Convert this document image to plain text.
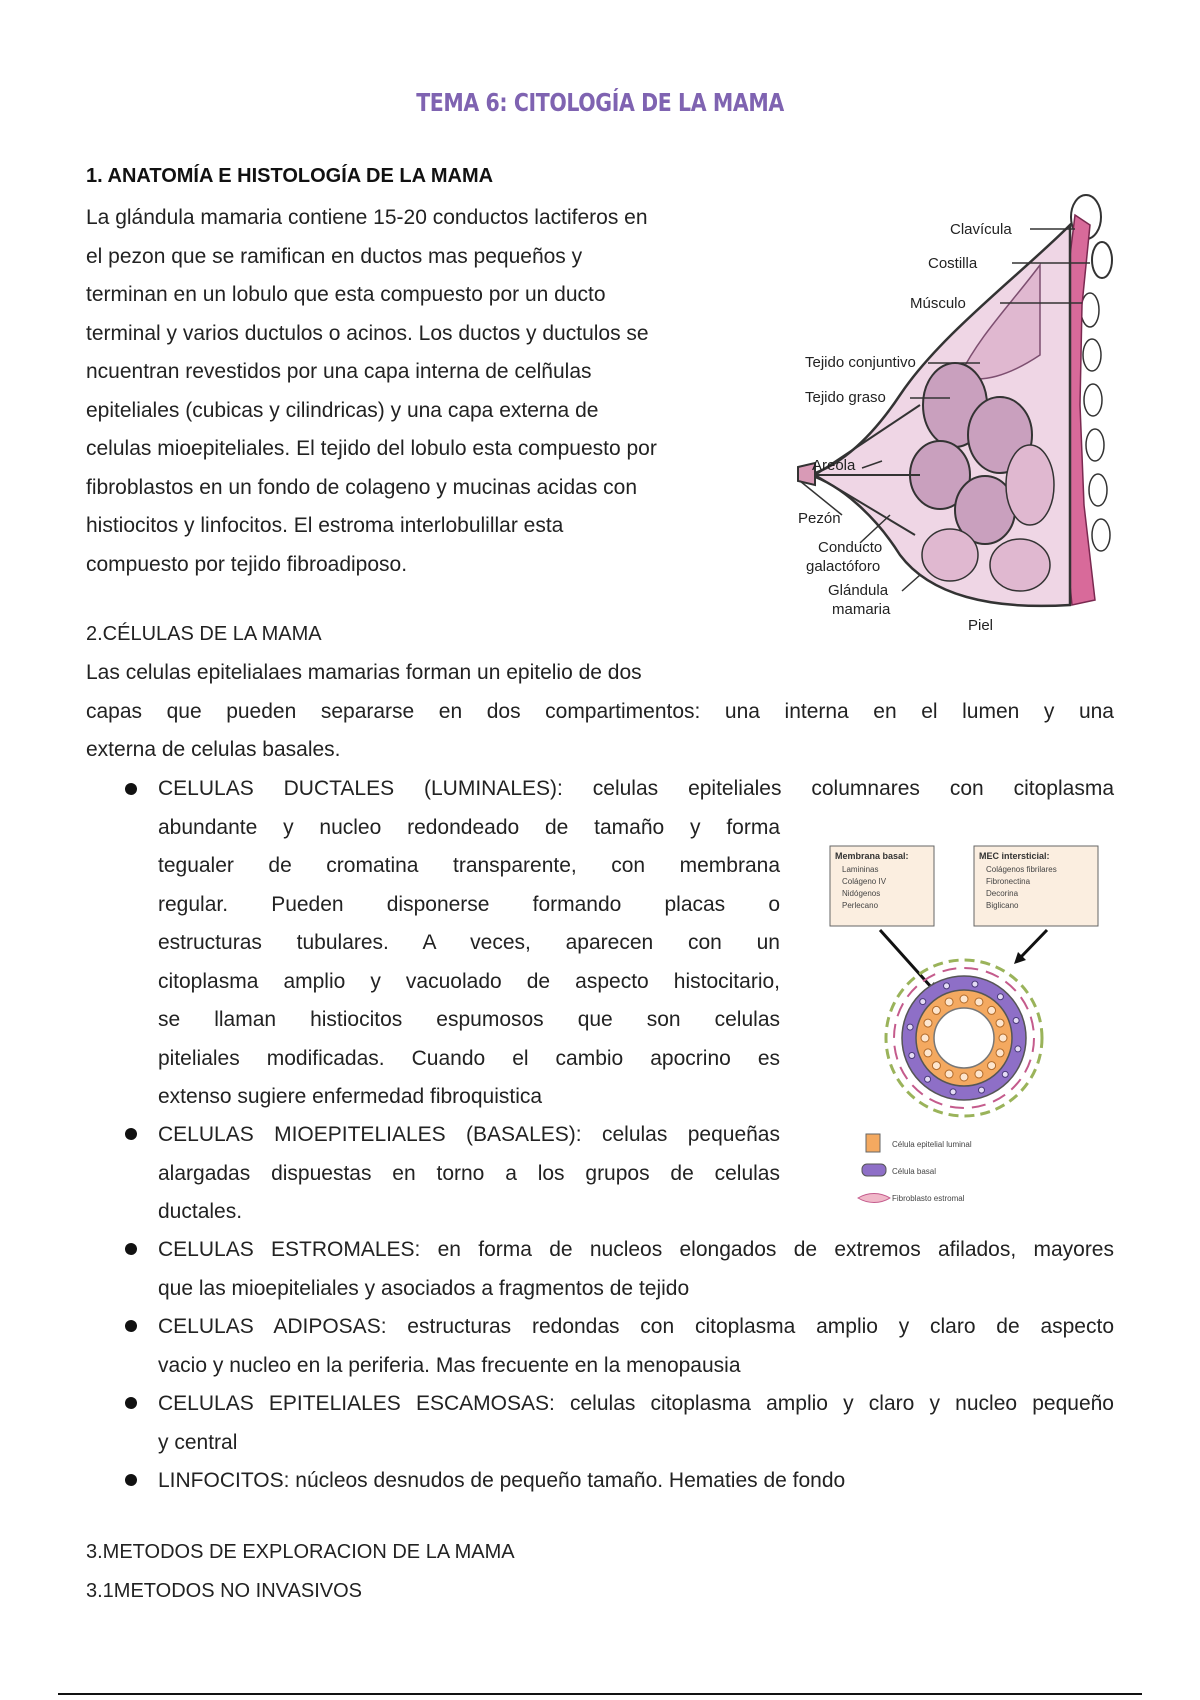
TEMA 6: CITOLOGÍA DE LA MAMA
1. ANATOMÍA E HISTOLOGÍA DE LA MAMA
La glándula mamaria contiene 15-20 conductos lactiferos en
el pezon que se ramifican en ductos mas pequeños y
terminan en un lobulo que esta compuesto por un ducto
terminal y varios ductulos o acinos. Los ductos y ductulos se
ncuentran revestidos por una capa interna de celñulas
epiteliales (cubicas y cilindricas) y una capa externa de
celulas mioepiteliales. El tejido del lobulo esta compuesto por
fibroblastos en un fondo de colageno y mucinas acidas con
histiocitos y linfocitos. El estroma interlobulillar esta
compuesto por tejido fibroadiposo.
Clavícula
Costilla
Músculo
Tejido conjuntivo
Tejido graso
Areola
Pezón
Conducto
galactóforo
Glándula
mamaria
Piel
2.CÉLULAS DE LA MAMA
Las celulas epitelialaes mamarias forman un epitelio de dos
capas que pueden separarse en dos compartimentos: una interna en el lumen y una
externa de celulas basales.
CELULAS DUCTALES (LUMINALES): celulas epiteliales columnares con citoplasma
abundante y nucleo redondeado de tamaño y forma
tegualer de cromatina transparente, con membrana
regular. Pueden disponerse formando placas o
estructuras tubulares. A veces, aparecen con un
citoplasma amplio y vacuolado de aspecto histocitario,
se llaman histiocitos espumosos que son celulas
piteliales modificadas. Cuando el cambio apocrino es
extenso sugiere enfermedad fibroquistica
CELULAS MIOEPITELIALES (BASALES): celulas pequeñas
alargadas dispuestas en torno a los grupos de celulas
ductales.
CELULAS ESTROMALES: en forma de nucleos elongados de extremos afilados, mayores
que las mioepiteliales y asociados a fragmentos de tejido
CELULAS ADIPOSAS: estructuras redondas con citoplasma amplio y claro de aspecto
vacio y nucleo en la periferia. Mas frecuente en la menopausia
CELULAS EPITELIALES ESCAMOSAS: celulas citoplasma amplio y claro y nucleo pequeño
y central
LINFOCITOS: núcleos desnudos de pequeño tamaño. Hematies de fondo
Membrana basal:
Lamininas
Colágeno IV
Nidógenos
Perlecano
MEC intersticial:
Colágenos fibrilares
Fibronectina
Decorina
Biglicano
Célula epitelial luminal
Célula basal
Fibroblasto estromal
3.METODOS DE EXPLORACION DE LA MAMA
3.1METODOS NO INVASIVOS
